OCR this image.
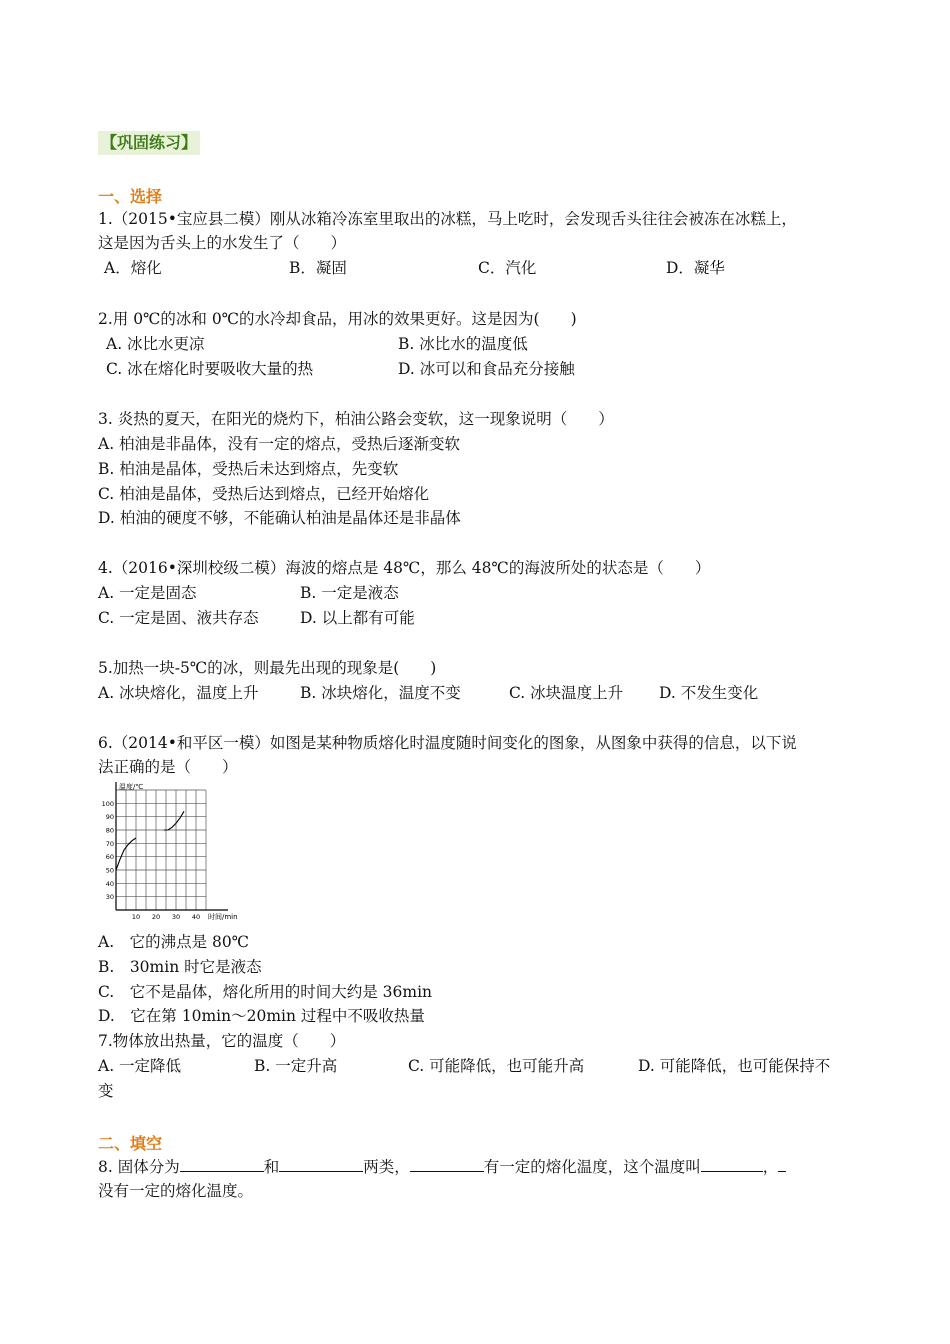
【巩固练习】
一、选择
1.（2015•宝应县二模）刚从冰箱冷冻室里取出的冰糕，马上吃时，会发现舌头往往会被冻在冰糕上，
这是因为舌头上的水发生了（　　）
A．熔化	B．凝固	C．汽化	D．凝华
2.用 0℃的冰和 0℃的水冷却食品，用冰的效果更好。这是因为(　　)
A. 冰比水更凉	B. 冰比水的温度低
C. 冰在熔化时要吸收大量的热	D. 冰可以和食品充分接触
3. 炎热的夏天，在阳光的烧灼下，柏油公路会变软，这一现象说明（　　）
A. 柏油是非晶体，没有一定的熔点，受热后逐渐变软
B. 柏油是晶体，受热后未达到熔点，先变软
C. 柏油是晶体，受热后达到熔点，已经开始熔化
D. 柏油的硬度不够，不能确认柏油是晶体还是非晶体
4.（2016•深圳校级二模）海波的熔点是 48℃，那么 48℃的海波所处的状态是（　　）
A. 一定是固态	B. 一定是液态
C. 一定是固、液共存态	D. 以上都有可能
5.加热一块-5℃的冰，则最先出现的现象是(　　)
A. 冰块熔化，温度上升	B. 冰块熔化，温度不变	C. 冰块温度上升 D. 不发生变化
6.（2014•和平区一模）如图是某种物质熔化时温度随时间变化的图象，从图象中获得的信息，以下说
法正确的是（　　）
温度/℃
时间/min
100
90
80
70
60
50
40
30
10 20 30 40
A.　它的沸点是 80℃
B.　30min 时它是液态
C.　它不是晶体，熔化所用的时间大约是 36min
D.　它在第 10min～20min 过程中不吸收热量
7.物体放出热量，它的温度（　　）
A. 一定降低	B. 一定升高	C. 可能降低，也可能升高	D. 可能降低，也可能保持不
变
二、填空
8. 固体分为	和	两类，	有一定的熔化温度，这个温度叫	，
没有一定的熔化温度。
